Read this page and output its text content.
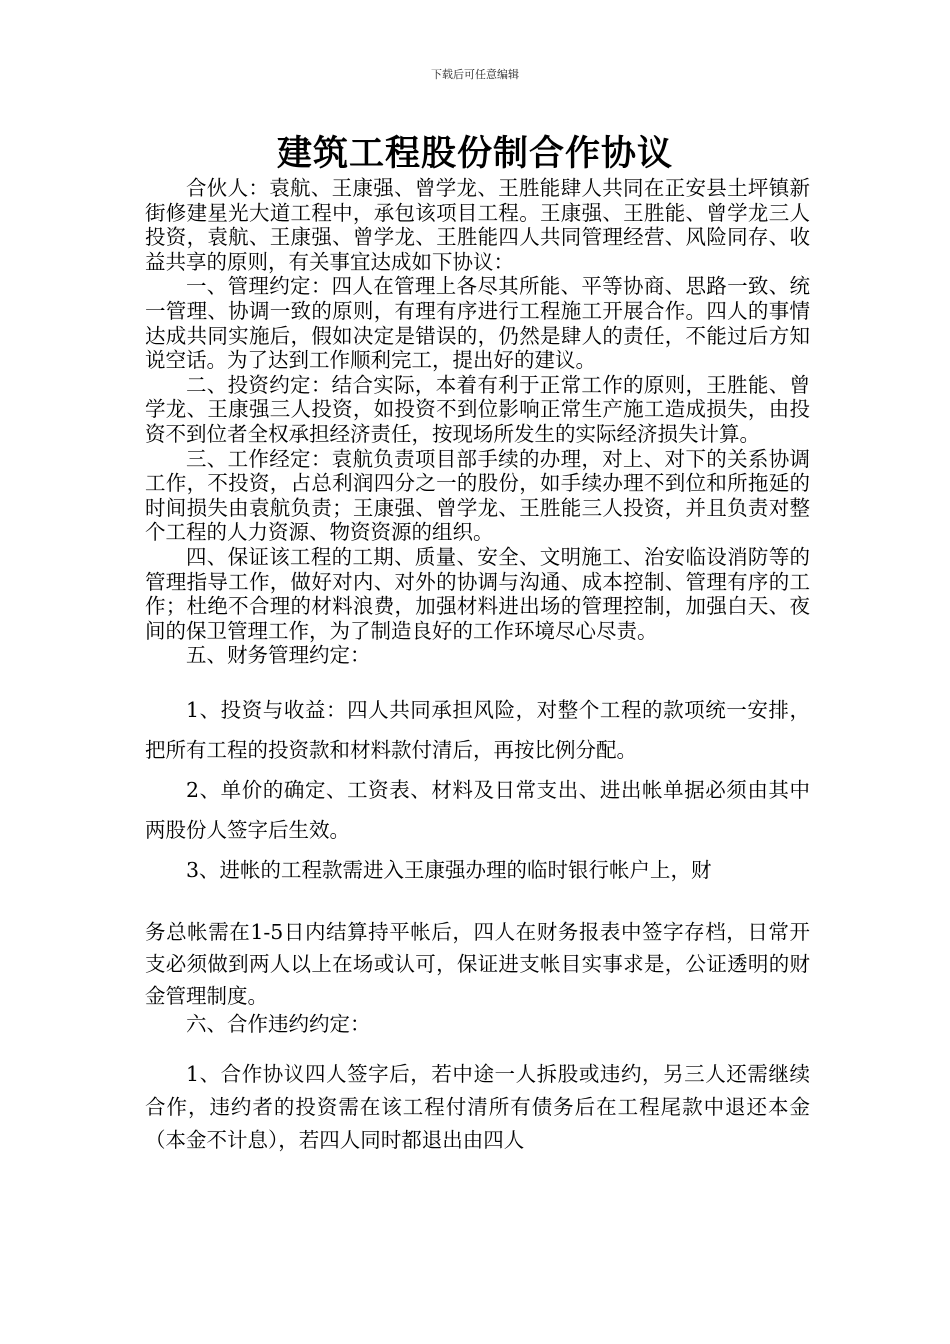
下载后可任意编辑
建筑工程股份制合作协议

合伙人：袁航、王康强、曾学龙、王胜能肆人共同在正安县土坪镇新街修建星光大道工程中，承包该项目工程。王康强、王胜能、曾学龙三人投资，袁航、王康强、曾学龙、王胜能四人共同管理经营、风险同存、收益共享的原则，有关事宜达成如下协议：

一、管理约定：四人在管理上各尽其所能、平等协商、思路一致、统一管理、协调一致的原则，有理有序进行工程施工开展合作。四人的事情达成共同实施后，假如决定是错误的，仍然是肆人的责任，不能过后方知说空话。为了达到工作顺利完工，提出好的建议。

二、投资约定：结合实际，本着有利于正常工作的原则，王胜能、曾学龙、王康强三人投资，如投资不到位影响正常生产施工造成损失，由投资不到位者全权承担经济责任，按现场所发生的实际经济损失计算。

三、工作经定：袁航负责项目部手续的办理，对上、对下的关系协调工作，不投资，占总利润四分之一的股份，如手续办理不到位和所拖延的时间损失由袁航负责；王康强、曾学龙、王胜能三人投资，并且负责对整个工程的人力资源、物资资源的组织。

四、保证该工程的工期、质量、安全、文明施工、治安临设消防等的管理指导工作，做好对内、对外的协调与沟通、成本控制、管理有序的工作；杜绝不合理的材料浪费，加强材料进出场的管理控制，加强白天、夜间的保卫管理工作，为了制造良好的工作环境尽心尽责。

五、财务管理约定：

1、投资与收益：四人共同承担风险，对整个工程的款项统一安排，把所有工程的投资款和材料款付清后，再按比例分配。

2、单价的确定、工资表、材料及日常支出、进出帐单据必须由其中两股份人签字后生效。

3、进帐的工程款需进入王康强办理的临时银行帐户上，财

务总帐需在1-5日内结算持平帐后，四人在财务报表中签字存档，日常开支必须做到两人以上在场或认可，保证进支帐目实事求是，公证透明的财金管理制度。

六、合作违约约定：

1、合作协议四人签字后，若中途一人拆股或违约，另三人还需继续合作，违约者的投资需在该工程付清所有债务后在工程尾款中退还本金（本金不计息），若四人同时都退出由四人
